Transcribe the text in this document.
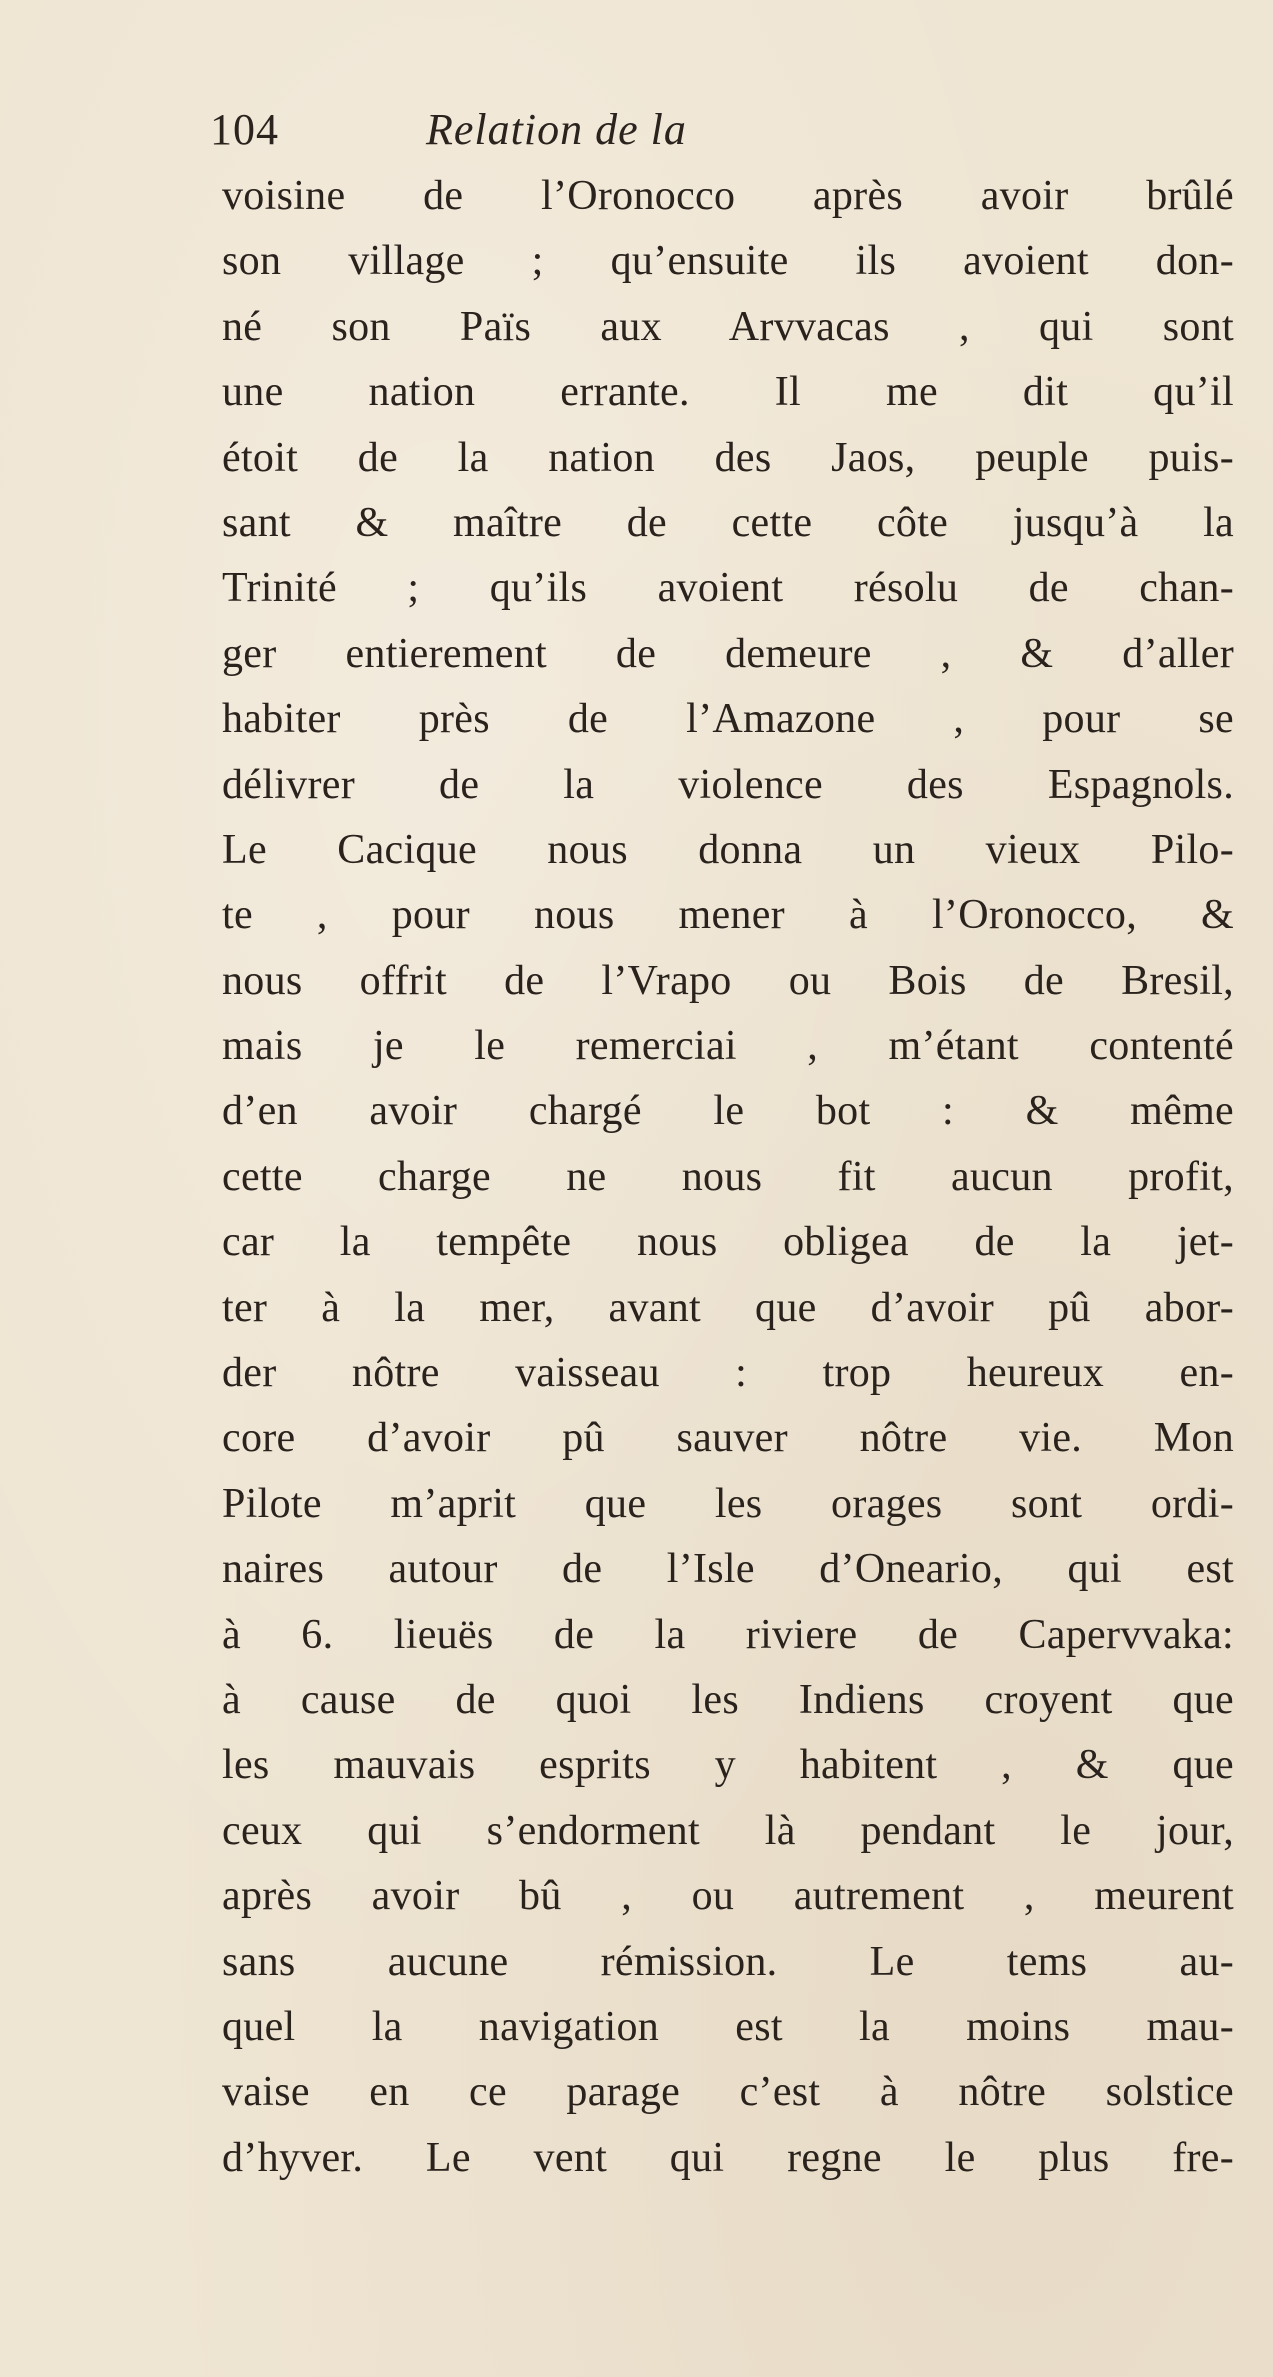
104	Relation de la
voisine de l’Oronocco après avoir brûlé
son village ; qu’ensuite ils avoient don-
né son Païs aux Arvvacas , qui sont
une nation errante. Il me dit qu’il
étoit de la nation des Jaos, peuple puis-
sant & maître de cette côte jusqu’à la
Trinité ; qu’ils avoient résolu de chan-
ger entierement de demeure , & d’aller
habiter près de l’Amazone , pour se
délivrer de la violence des Espagnols.
Le Cacique nous donna un vieux Pilo-
te , pour nous mener à l’Oronocco, &
nous offrit de l’Vrapo ou Bois de Bresil,
mais je le remerciai , m’étant contenté
d’en avoir chargé le bot : & même
cette charge ne nous fit aucun profit,
car la tempête nous obligea de la jet-
ter à la mer, avant que d’avoir pû abor-
der nôtre vaisseau : trop heureux en-
core d’avoir pû sauver nôtre vie. Mon
Pilote m’aprit que les orages sont ordi-
naires autour de l’Isle d’Oneario, qui est
à 6. lieuës de la riviere de Capervvaka:
à cause de quoi les Indiens croyent que
les mauvais esprits y habitent , & que
ceux qui s’endorment là pendant le jour,
après avoir bû , ou autrement , meurent
sans aucune rémission. Le tems au-
quel la navigation est la moins mau-
vaise en ce parage c’est à nôtre solstice
d’hyver. Le vent qui regne le plus fre-
